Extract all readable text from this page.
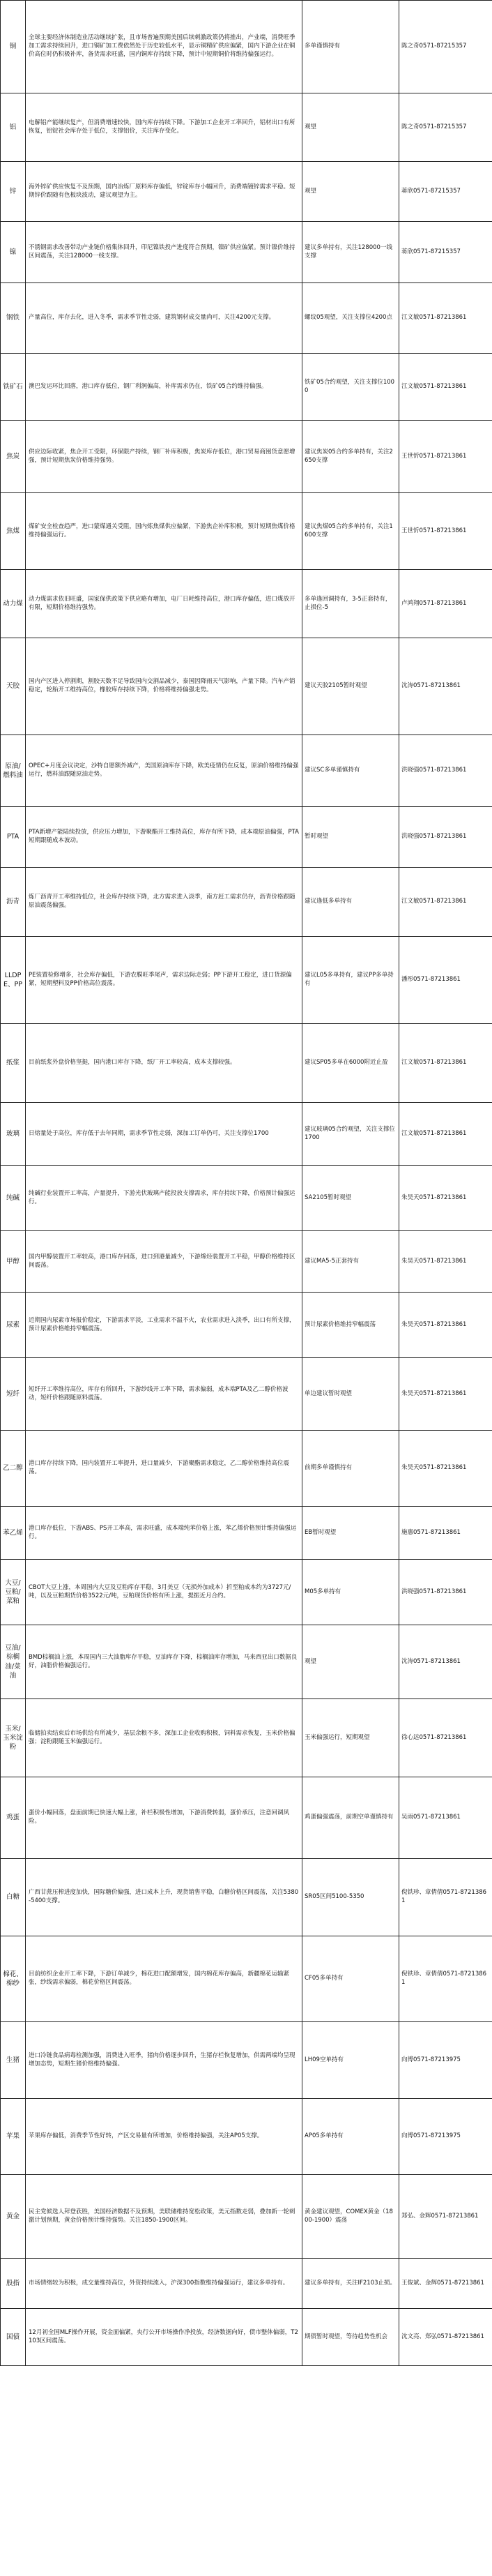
铜	全球主要经济体制造业活动继续扩张，且市场普遍预期美国后续刺激政策仍将推出，产业端，消费旺季加工需求持续回升，进口铜矿加工费依然处于历史较低水平，显示铜精矿供应偏紧，国内下游企业在铜价高位时仍积极补库，备货需求旺盛，国内铜库存持续下降，预计中短期铜价将维持偏强运行。	多单谨慎持有	陈之奇0571-87215357
铝	电解铝产能继续复产，但消费增速较快，国内库存持续下降。下游加工企业开工率回升，铝材出口有所恢复，铝锭社会库存处于低位，支撑铝价，关注库存变化。	观望	陈之奇0571-87215357
锌	海外锌矿供应恢复不及预期，国内冶炼厂原料库存偏低，锌锭库存小幅回升，消费端镀锌需求平稳。短期锌价跟随有色板块波动，建议观望为主。	观望	蒋欣0571-87215357
镍	不锈钢需求改善带动产业链价格集体回升，印尼镍铁投产进度符合预期，镍矿供应偏紧。预计镍价维持区间震荡，关注128000一线支撑。	建议多单持有，关注128000一线支撑	蒋欣0571-87215357
钢铁	产量高位，库存去化，进入冬季，需求季节性走弱，建筑钢材成交量尚可，关注4200元支撑。	螺纹05观望，关注支撑位4200点	江文敏0571-87213861
铁矿石	澳巴发运环比回落，港口库存低位，钢厂利润偏高，补库需求仍在，铁矿05合约维持偏强。	铁矿05合约观望，关注支撑位1000	江文敏0571-87213861
焦炭	供应边际收紧，焦企开工受限，环保限产持续，钢厂补库积极，焦炭库存低位，港口贸易商囤货意愿增强，预计短期焦炭价格维持强势。	建议焦炭05合约多单持有，关注2650支撑	王世忻0571-87213861
焦煤	煤矿安全检查趋严，进口蒙煤通关受阻，国内炼焦煤供应偏紧，下游焦企补库积极，预计短期焦煤价格维持偏强运行。	建议焦煤05合约多单持有，关注1600支撑	王世忻0571-87213861
动力煤	动力煤需求依旧旺盛，国家保供政策下供应略有增加，电厂日耗维持高位，港口库存偏低，进口煤放开有限，短期价格维持强势。	多单逢回调持有，3-5正套持有，止损位-5	卢鸿翔0571-87213861
天胶	国内产区进入停割期，割胶天数不足导致国内交割品减少，泰国因降雨天气影响，产量下降。汽车产销稳定，轮胎开工维持高位，橡胶库存持续下降，价格将维持偏强走势。	建议天胶2105暂时观望	沈涛0571-87213861
原油/燃料油	OPEC+月度会议决定，沙特自愿额外减产，美国原油库存下降，欧美疫情仍在反复，原油价格维持偏强运行，燃料油跟随原油走势。	建议SC多单谨慎持有	洪晓强0571-87213861
PTA	PTA新增产能陆续投放，供应压力增加，下游聚酯开工维持高位，库存有所下降，成本端原油偏强，PTA短期跟随成本波动。	暂时观望	洪晓强0571-87213861
沥青	炼厂沥青开工率维持低位，社会库存持续下降，北方需求进入淡季，南方赶工需求仍存，沥青价格跟随原油震荡偏强。	建议逢低多单持有	江文敏0571-87213861
LLDPE、PP	PE装置检修增多，社会库存偏低，下游农膜旺季尾声，需求边际走弱；PP下游开工稳定，进口货源偏紧，短期塑料及PP价格高位震荡。	建议L05多单持有，建议PP多单持有	潘彤0571-87213861
纸浆	目前纸浆外盘价格坚挺，国内港口库存下降，纸厂开工率较高，成本支撑较强。	建议SP05多单在6000附近止盈	江文敏0571-87213861
玻璃	日熔量处于高位，库存低于去年同期，需求季节性走弱，深加工订单仍可，关注支撑位1700	建议玻璃05合约观望，关注支撑位1700	江文敏0571-87213861
纯碱	纯碱行业装置开工率高，产量提升，下游光伏玻璃产能投放支撑需求，库存持续下降，价格预计偏强运行。	SA2105暂时观望	朱昊天0571-87213861
甲醇	国内甲醇装置开工率较高，港口库存回落，进口到港量减少，下游烯烃装置开工平稳，甲醇价格维持区间震荡。	建议MA5-5正套持有	朱昊天0571-87213861
尿素	近期国内尿素市场报价稳定，下游需求平淡，工业需求不温不火，农业需求进入淡季，出口有所支撑，预计尿素价格维持窄幅震荡。	预计尿素价格维持窄幅震荡	朱昊天0571-87213861
短纤	短纤开工率维持高位，库存有所回升，下游纱线开工率下降，需求偏弱，成本端PTA及乙二醇价格波动，短纤价格跟随原料震荡。	单边建议暂时观望	朱昊天0571-87213861
乙二醇	港口库存持续下降，国内装置开工率提升，进口量减少，下游聚酯需求稳定，乙二醇价格维持高位震荡。	前期多单谨慎持有	朱昊天0571-87213861
苯乙烯	港口库存低位，下游ABS、PS开工率高，需求旺盛，成本端纯苯价格上涨，苯乙烯价格预计维持偏强运行。	EB暂时观望	施惠0571-87213861
大豆/豆粕/菜粕	CBOT大豆上涨，本周国内大豆及豆粕库存平稳，3月美豆（无损外加成本）折至粕成本约为3727元/吨，以及豆粕期货价格3522元/吨，豆粕现货价格有所上涨，提振近月合约。	M05多单持有	洪晓强0571-87213861
豆油/棕榈油/菜油	BMD棕榈油上涨，本周国内三大油脂库存平稳，豆油库存下降，棕榈油库存增加，马来西亚出口数据良好，油脂价格偏强运行。	观望	沈涛0571-87213861
玉米/玉米淀粉	临储拍卖结束后市场供给有所减少，基层余粮不多，深加工企业收购积极，饲料需求恢复，玉米价格偏强；淀粉跟随玉米偏强运行。	玉米偏强运行，短期观望	徐心远0571-87213861
鸡蛋	蛋价小幅回落，盘面前期已快速大幅上涨，补栏积极性增加，下游消费转弱，蛋价承压，注意回调风险。	鸡蛋偏强震荡，前期空单谨慎持有	吴雨0571-87213861
白糖	广西甘蔗压榨进度加快，国际糖价偏强，进口成本上升，现货销售平稳，白糖价格区间震荡，关注5380-5400支撑。	SR05区间5100-5350	倪铁珍、章倩倩0571-87213861
棉花、棉纱	目前纺织企业开工率下降，下游订单减少，棉花进口配额增发，国内棉花库存偏高，新疆棉花运输紧张，纱线需求偏弱，棉花价格区间震荡。	CF05多单持有	倪铁珍、章倩倩0571-87213861
生猪	进口冷链食品病毒检测加强，消费进入旺季，猪肉价格逐步回升，生猪存栏恢复增加，供需两端均呈现增加态势，短期生猪价格维持偏强。	LH09空单持有	向博0571-87213975
苹果	苹果库存偏低，消费季节性好转，产区交易量有所增加，价格维持偏强，关注AP05支撑。	AP05多单持有	向博0571-87213975
黄金	民主党候选人拜登获胜，美国经济数据不及预期，美联储维持宽松政策，美元指数走弱，叠加新一轮刺激计划预期，黄金价格预计维持强势。关注1850-1900区间。	黄金建议观望，COMEX黄金（1800-1900）震荡	郑弘、金辉0571-87213861
股指	市场情绪较为积极，成交量维持高位，外资持续流入，沪深300指数维持偏强运行，建议多单持有。	建议多单持有，关注IF2103止损。	王俊斌、金辉0571-87213861
国债	12月初全国MLF操作开展，资金面偏紧，央行公开市场操作净投放，经济数据向好，债市整体偏弱，T2103区间震荡。	期债暂时观望，等待趋势性机会	沈文亮、郑弘0571-87213861
